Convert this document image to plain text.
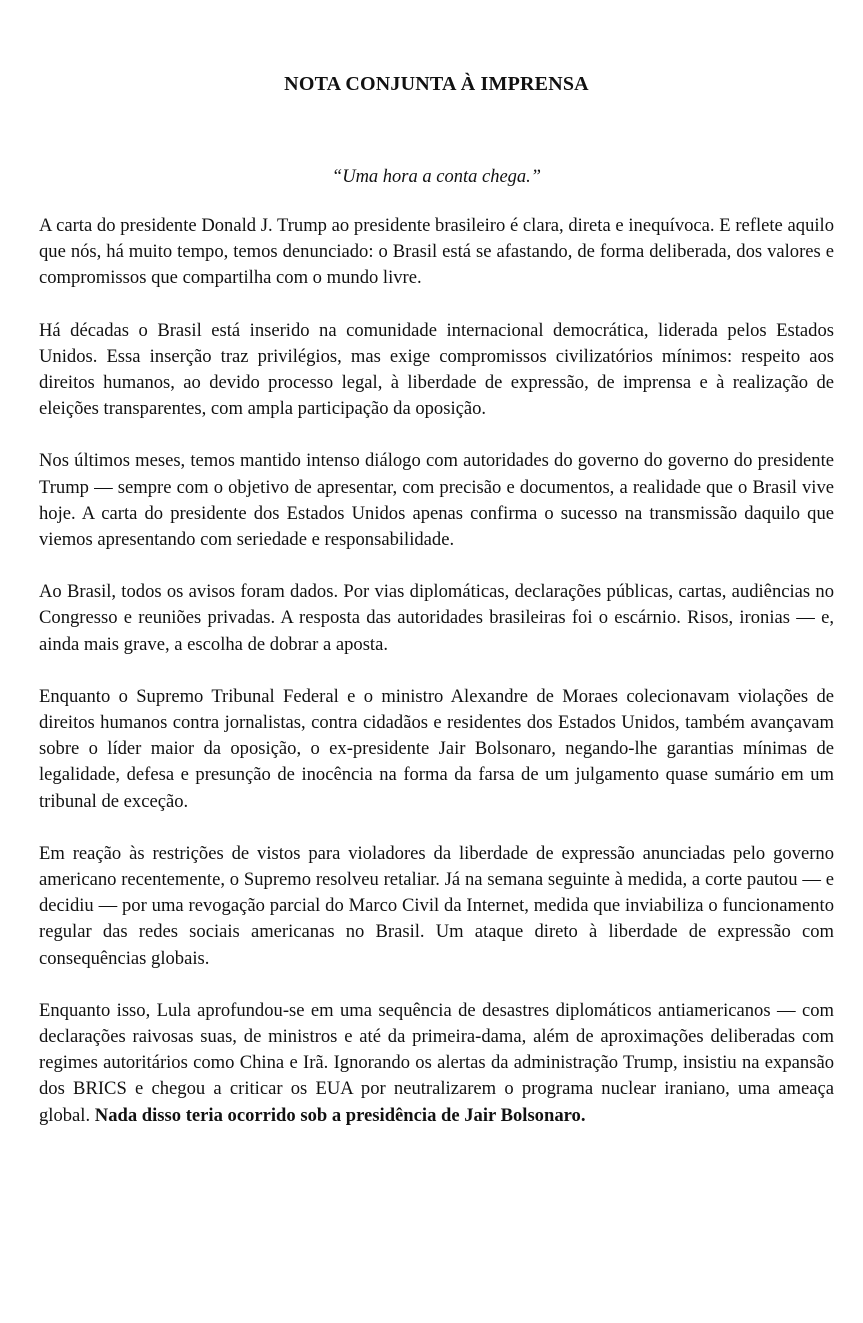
NOTA CONJUNTA À IMPRENSA

“Uma hora a conta chega.”

A carta do presidente Donald J. Trump ao presidente brasileiro é clara, direta e inequívoca. E reflete aquilo que nós, há muito tempo, temos denunciado: o Brasil está se afastando, de forma deliberada, dos valores e compromissos que compartilha com o mundo livre.

Há décadas o Brasil está inserido na comunidade internacional democrática, liderada pelos Estados Unidos. Essa inserção traz privilégios, mas exige compromissos civilizatórios mínimos: respeito aos direitos humanos, ao devido processo legal, à liberdade de expressão, de imprensa e à realização de eleições transparentes, com ampla participação da oposição.

Nos últimos meses, temos mantido intenso diálogo com autoridades do governo do governo do presidente Trump — sempre com o objetivo de apresentar, com precisão e documentos, a realidade que o Brasil vive hoje. A carta do presidente dos Estados Unidos apenas confirma o sucesso na transmissão daquilo que viemos apresentando com seriedade e responsabilidade.

Ao Brasil, todos os avisos foram dados. Por vias diplomáticas, declarações públicas, cartas, audiências no Congresso e reuniões privadas. A resposta das autoridades brasileiras foi o escárnio. Risos, ironias — e, ainda mais grave, a escolha de dobrar a aposta.

Enquanto o Supremo Tribunal Federal e o ministro Alexandre de Moraes colecionavam violações de direitos humanos contra jornalistas, contra cidadãos e residentes dos Estados Unidos, também avançavam sobre o líder maior da oposição, o ex-presidente Jair Bolsonaro, negando-lhe garantias mínimas de legalidade, defesa e presunção de inocência na forma da farsa de um julgamento quase sumário em um tribunal de exceção.

Em reação às restrições de vistos para violadores da liberdade de expressão anunciadas pelo governo americano recentemente, o Supremo resolveu retaliar. Já na semana seguinte à medida, a corte pautou — e decidiu — por uma revogação parcial do Marco Civil da Internet, medida que inviabiliza o funcionamento regular das redes sociais americanas no Brasil. Um ataque direto à liberdade de expressão com consequências globais.

Enquanto isso, Lula aprofundou-se em uma sequência de desastres diplomáticos antiamericanos — com declarações raivosas suas, de ministros e até da primeira-dama, além de aproximações deliberadas com regimes autoritários como China e Irã. Ignorando os alertas da administração Trump, insistiu na expansão dos BRICS e chegou a criticar os EUA por neutralizarem o programa nuclear iraniano, uma ameaça global. Nada disso teria ocorrido sob a presidência de Jair Bolsonaro.
